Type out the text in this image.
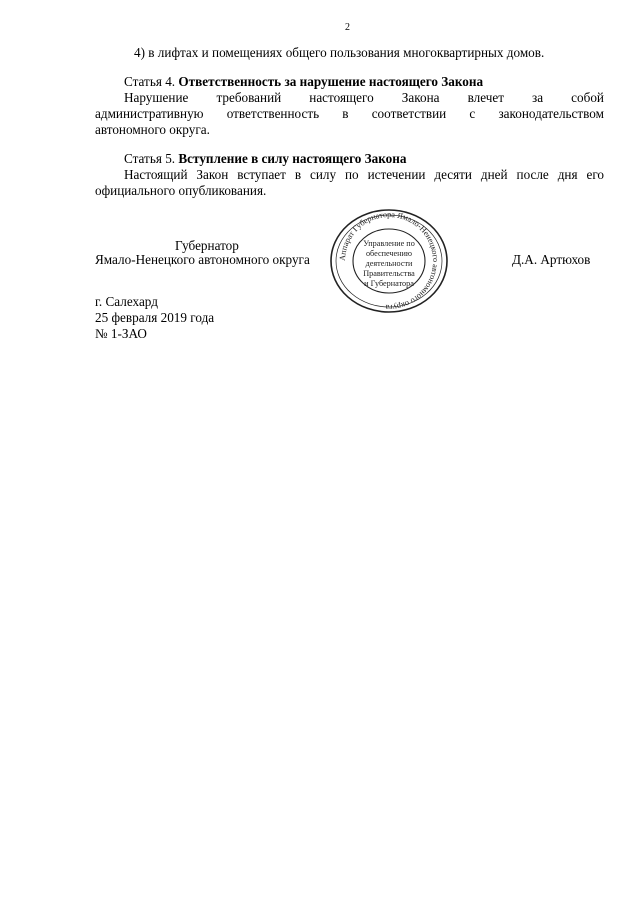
2
4) в лифтах и помещениях общего пользования многоквартирных домов.
Статья 4. Ответственность за нарушение настоящего Закона
Нарушение требований настоящего Закона влечет за собой
административную ответственность в соответствии с законодательством
автономного округа.
Статья 5. Вступление в силу настоящего Закона
Настоящий Закон вступает в силу по истечении десяти дней после дня его
официального опубликования.
Губернатор
Ямало-Ненецкого автономного округа	Д.А. Артюхов
Аппарат Губернатора Ямало-Ненецкого автономного округа
Управление по
обеспечению
деятельности
Правительства
и Губернатора
г. Салехард
25 февраля 2019 года
№ 1-ЗАО
